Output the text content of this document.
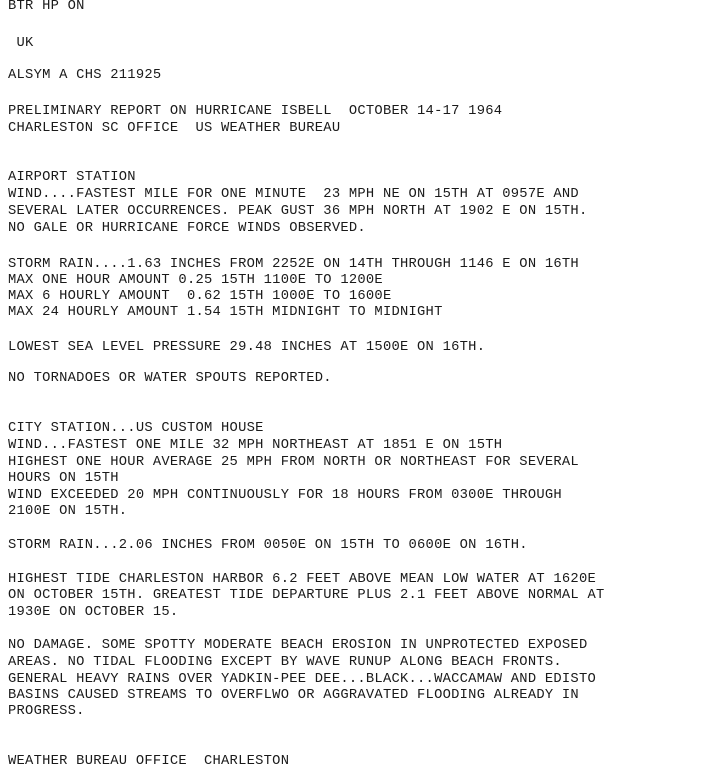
BTR HP ON
UK
ALSYM A CHS 211925
PRELIMINARY REPORT ON HURRICANE ISBELL  OCTOBER 14-17 1964
CHARLESTON SC OFFICE  US WEATHER BUREAU
AIRPORT STATION
WIND....FASTEST MILE FOR ONE MINUTE  23 MPH NE ON 15TH AT 0957E AND
SEVERAL LATER OCCURRENCES. PEAK GUST 36 MPH NORTH AT 1902 E ON 15TH.
NO GALE OR HURRICANE FORCE WINDS OBSERVED.
STORM RAIN....1.63 INCHES FROM 2252E ON 14TH THROUGH 1146 E ON 16TH
MAX ONE HOUR AMOUNT 0.25 15TH 1100E TO 1200E
MAX 6 HOURLY AMOUNT  0.62 15TH 1000E TO 1600E
MAX 24 HOURLY AMOUNT 1.54 15TH MIDNIGHT TO MIDNIGHT
LOWEST SEA LEVEL PRESSURE 29.48 INCHES AT 1500E ON 16TH.
NO TORNADOES OR WATER SPOUTS REPORTED.
CITY STATION...US CUSTOM HOUSE
WIND...FASTEST ONE MILE 32 MPH NORTHEAST AT 1851 E ON 15TH
HIGHEST ONE HOUR AVERAGE 25 MPH FROM NORTH OR NORTHEAST FOR SEVERAL
HOURS ON 15TH
WIND EXCEEDED 20 MPH CONTINUOUSLY FOR 18 HOURS FROM 0300E THROUGH
2100E ON 15TH.
STORM RAIN...2.06 INCHES FROM 0050E ON 15TH TO 0600E ON 16TH.
HIGHEST TIDE CHARLESTON HARBOR 6.2 FEET ABOVE MEAN LOW WATER AT 1620E
ON OCTOBER 15TH. GREATEST TIDE DEPARTURE PLUS 2.1 FEET ABOVE NORMAL AT
1930E ON OCTOBER 15.
NO DAMAGE. SOME SPOTTY MODERATE BEACH EROSION IN UNPROTECTED EXPOSED
AREAS. NO TIDAL FLOODING EXCEPT BY WAVE RUNUP ALONG BEACH FRONTS.
GENERAL HEAVY RAINS OVER YADKIN-PEE DEE...BLACK...WACCAMAW AND EDISTO
BASINS CAUSED STREAMS TO OVERFLWO OR AGGRAVATED FLOODING ALREADY IN
PROGRESS.
WEATHER BUREAU OFFICE  CHARLESTON
